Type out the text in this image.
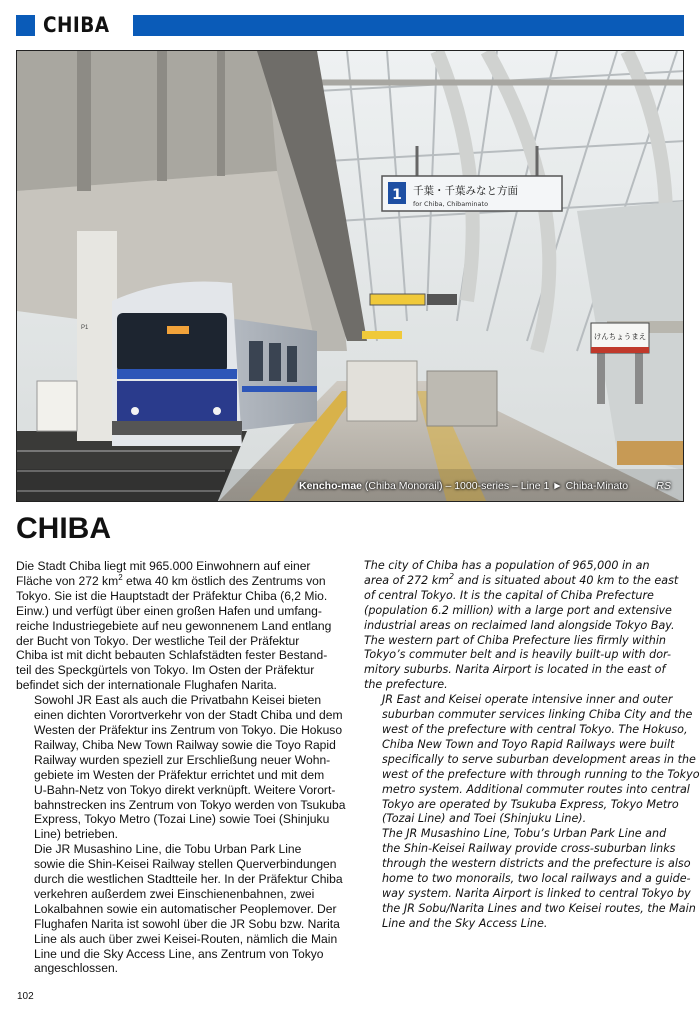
CHIBA
1 千葉・千葉みなと方面
for Chiba, Chibaminato
けんちょうまえ
P1
Kencho-mae (Chiba Monorail) – 1000-series – Line 1 ► Chiba-Minato	RS
CHIBA

Die Stadt Chiba liegt mit 965.000 Einwohnern auf einer
Fläche von 272 $km^2$ etwa 40 km östlich des Zentrums von
Tokyo. Sie ist die Hauptstadt der Präfektur Chiba (6,2 Mio.
Einw.) und verfügt über einen großen Hafen und umfang-
reiche Industriegebiete auf neu gewonnenem Land entlang
der Bucht von Tokyo. Der westliche Teil der Präfektur
Chiba ist mit dicht bebauten Schlafstädten fester Bestand-
teil des Speckgürtels von Tokyo. Im Osten der Präfektur
befindet sich der internationale Flughafen Narita.

Sowohl JR East als auch die Privatbahn Keisei bieten
einen dichten Vorortverkehr von der Stadt Chiba und dem
Westen der Präfektur ins Zentrum von Tokyo. Die Hokuso
Railway, Chiba New Town Railway sowie die Toyo Rapid
Railway wurden speziell zur Erschließung neuer Wohn-
gebiete im Westen der Präfektur errichtet und mit dem
U-Bahn-Netz von Tokyo direkt verknüpft. Weitere Vorort-
bahnstrecken ins Zentrum von Tokyo werden von Tsukuba
Express, Tokyo Metro (Tozai Line) sowie Toei (Shinjuku
Line) betrieben.

Die JR Musashino Line, die Tobu Urban Park Line
sowie die Shin-Keisei Railway stellen Querverbindungen
durch die westlichen Stadtteile her. In der Präfektur Chiba
verkehren außerdem zwei Einschienenbahnen, zwei
Lokalbahnen sowie ein automatischer Peoplemover. Der
Flughafen Narita ist sowohl über die JR Sobu bzw. Narita
Line als auch über zwei Keisei-Routen, nämlich die Main
Line und die Sky Access Line, ans Zentrum von Tokyo
angeschlossen.

The city of Chiba has a population of 965,000 in an
area of 272 $km^2$ and is situated about 40 km to the east
of central Tokyo. It is the capital of Chiba Prefecture
(population 6.2 million) with a large port and extensive
industrial areas on reclaimed land alongside Tokyo Bay.
The western part of Chiba Prefecture lies firmly within
Tokyo’s commuter belt and is heavily built-up with dor-
mitory suburbs. Narita Airport is located in the east of
the prefecture.

JR East and Keisei operate intensive inner and outer
suburban commuter services linking Chiba City and the
west of the prefecture with central Tokyo. The Hokuso,
Chiba New Town and Toyo Rapid Railways were built
specifically to serve suburban development areas in the
west of the prefecture with through running to the Tokyo
metro system. Additional commuter routes into central
Tokyo are operated by Tsukuba Express, Tokyo Metro
(Tozai Line) and Toei (Shinjuku Line).

The JR Musashino Line, Tobu’s Urban Park Line and
the Shin-Keisei Railway provide cross-suburban links
through the western districts and the prefecture is also
home to two monorails, two local railways and a guide-
way system. Narita Airport is linked to central Tokyo by
the JR Sobu/Narita Lines and two Keisei routes, the Main
Line and the Sky Access Line.

102
